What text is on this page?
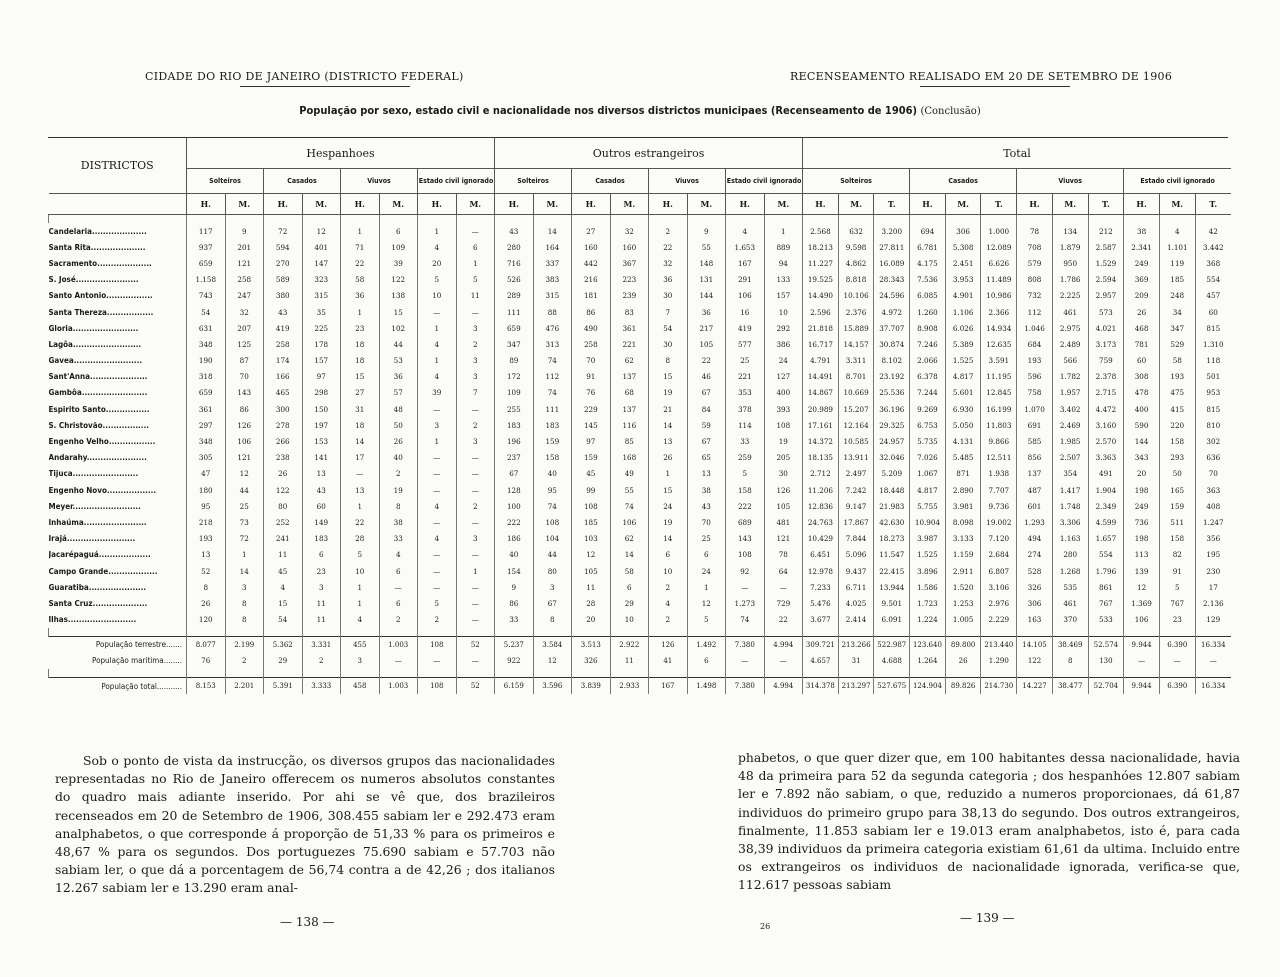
CIDADE DO RIO DE JANEIRO (DISTRICTO FEDERAL)	RECENSEAMENTO REALISADO EM 20 DE SETEMBRO DE 1906
População por sexo, estado civil e nacionalidade nos diversos districtos municipaes (Recenseamento de 1906) (Conclusão)
DISTRICTOS	Hespanhoes								Outros estrangeiros								Total											
	Solteiros		Casados		Viuvos		Estado civil ignorado		Solteiros		Casados		Viuvos		Estado civil ignorado		Solteiros			Casados			Viuvos			Estado civil ignorado		
	H.	M.	H.	M.	H.	M.	H.	M.	H.	M.	H.	M.	H.	M.	H.	M.	H.	M.	T.	H.	M.	T.	H.	M.	T.	H.	M.	T.

Candelaria....................	117	9	72	12	1	6	1	—	43	14	27	32	2	9	4	1	2.568	632	3.200	694	306	1.000	78	134	212	38	4	42
Santa Rita....................	937	201	594	401	71	109	4	6	280	164	160	160	22	55	1.653	889	18.213	9.598	27.811	6.781	5.308	12.089	708	1.879	2.587	2.341	1.101	3.442
Sacramento....................	659	121	270	147	22	39	20	1	716	337	442	367	32	148	167	94	11.227	4.862	16.089	4.175	2.451	6.626	579	950	1.529	249	119	368
S. José.......................	1.158	258	589	323	58	122	5	5	526	383	216	223	36	131	291	133	19.525	8.818	28.343	7.536	3.953	11.489	808	1.786	2.594	369	185	554
Santo Antonio.................	743	247	380	315	36	138	10	11	289	315	181	239	30	144	106	157	14.490	10.106	24.596	6.085	4.901	10.986	732	2.225	2.957	209	248	457
Santa Thereza.................	54	32	43	35	1	15	—	—	111	88	86	83	7	36	16	10	2.596	2.376	4.972	1.260	1.106	2.366	112	461	573	26	34	60
Gloria........................	631	207	419	225	23	102	1	3	659	476	490	361	54	217	419	292	21.818	15.889	37.707	8.908	6.026	14.934	1.046	2.975	4.021	468	347	815
Lagôa.........................	348	125	258	178	18	44	4	2	347	313	258	221	30	105	577	386	16.717	14.157	30.874	7.246	5.389	12.635	684	2.489	3.173	781	529	1.310
Gavea.........................	190	87	174	157	18	53	1	3	89	74	70	62	8	22	25	24	4.791	3.311	8.102	2.066	1.525	3.591	193	566	759	60	58	118
Sant'Anna.....................	318	70	166	97	15	36	4	3	172	112	91	137	15	46	221	127	14.491	8.701	23.192	6.378	4.817	11.195	596	1.782	2.378	308	193	501
Gambôa........................	659	143	465	298	27	57	39	7	109	74	76	68	19	67	353	400	14.867	10.669	25.536	7.244	5.601	12.845	758	1.957	2.715	478	475	953
Espirito Santo................	361	86	300	150	31	48	—	—	255	111	229	137	21	84	378	393	20.989	15.207	36.196	9.269	6.930	16.199	1.070	3.402	4.472	400	415	815
S. Christovão.................	297	126	278	197	18	50	3	2	183	183	145	116	14	59	114	108	17.161	12.164	29.325	6.753	5.050	11.803	691	2.469	3.160	590	220	810
Engenho Velho.................	348	106	266	153	14	26	1	3	196	159	97	85	13	67	33	19	14.372	10.585	24.957	5.735	4.131	9.866	585	1.985	2.570	144	158	302
Andarahy......................	305	121	238	141	17	40	—	—	237	158	159	168	26	65	259	205	18.135	13.911	32.046	7.026	5.485	12.511	856	2.507	3.363	343	293	636
Tijuca........................	47	12	26	13	—	2	—	—	67	40	45	49	1	13	5	30	2.712	2.497	5.209	1.067	871	1.938	137	354	491	20	50	70
Engenho Novo..................	180	44	122	43	13	19	—	—	128	95	99	55	15	38	158	126	11.206	7.242	18.448	4.817	2.890	7.707	487	1.417	1.904	198	165	363
Meyer.........................	95	25	80	60	1	8	4	2	100	74	108	74	24	43	222	105	12.836	9.147	21.983	5.755	3.981	9.736	601	1.748	2.349	249	159	408
Inhaúma.......................	218	73	252	149	22	38	—	—	222	108	185	106	19	70	689	481	24.763	17.867	42.630	10.904	8.098	19.002	1.293	3.306	4.599	736	511	1.247
Irajá.........................	193	72	241	183	28	33	4	3	186	104	103	62	14	25	143	121	10.429	7.844	18.273	3.987	3.133	7.120	494	1.163	1.657	198	158	356
Jacarépaguá...................	13	1	11	6	5	4	—	—	40	44	12	14	6	6	108	78	6.451	5.096	11.547	1.525	1.159	2.684	274	280	554	113	82	195
Campo Grande..................	52	14	45	23	10	6	—	1	154	80	105	58	10	24	92	64	12.978	9.437	22.415	3.896	2.911	6.807	528	1.268	1.796	139	91	230
Guaratiba.....................	8	3	4	3	1	—	—	—	9	3	11	6	2	1	—	—	7.233	6.711	13.944	1.586	1.520	3.106	326	535	861	12	5	17
Santa Cruz....................	26	8	15	11	1	6	5	—	86	67	28	29	4	12	1.273	729	5.476	4.025	9.501	1.723	1.253	2.976	306	461	767	1.369	767	2.136
Ilhas.........................	120	8	54	11	4	2	2	—	33	8	20	10	2	5	74	22	3.677	2.414	6.091	1.224	1.005	2.229	163	370	533	106	23	129

População terrestre.......	8.077	2.199	5.362	3.331	455	1.003	108	52	5.237	3.584	3.513	2.922	126	1.492	7.380	4.994	309.721	213.266	522.987	123.640	89.800	213.440	14.105	38.469	52.574	9.944	6.390	16.334
População maritima........	76	2	29	2	3	—	—	—	922	12	326	11	41	6	—	—	4.657	31	4.688	1.264	26	1.290	122	8	130	—	—	—

População total...........	8.153	2.201	5.391	3.333	458	1.003	108	52	6.159	3.596	3.839	2.933	167	1.498	7.380	4.994	314.378	213.297	527.675	124.904	89.826	214.730	14.227	38.477	52.704	9.944	6.390	16.334

Sob o ponto de vista da instrucção, os diversos grupos das nacionalidades representadas no Rio de Janeiro offerecem os numeros absolutos constantes do quadro mais adiante inserido. Por ahi se vê que, dos brazileiros recenseados em 20 de Setembro de 1906, 308.455 sabiam ler e 292.473 eram analphabetos, o que corresponde á proporção de 51,33 % para os primeiros e 48,67 % para os segundos. Dos portuguezes 75.690 sabiam e 57.703 não sabiam ler, o que dá a porcentagem de 56,74 contra a de 42,26 ; dos italianos 12.267 sabiam ler e 13.290 eram anal-

phabetos, o que quer dizer que, em 100 habitantes dessa nacionalidade, havia 48 da primeira para 52 da segunda categoria ; dos hespanhóes 12.807 sabiam ler e 7.892 não sabiam, o que, reduzido a numeros proporcionaes, dá 61,87 individuos do primeiro grupo para 38,13 do segundo. Dos outros extrangeiros, finalmente, 11.853 sabiam ler e 19.013 eram analphabetos, isto é, para cada 38,39 individuos da primeira categoria existiam 61,61 da ultima. Incluido entre os extrangeiros os individuos de nacionalidade ignorada, verifica-se que, 112.617 pessoas sabiam

— 138 —	26
— 139 —
